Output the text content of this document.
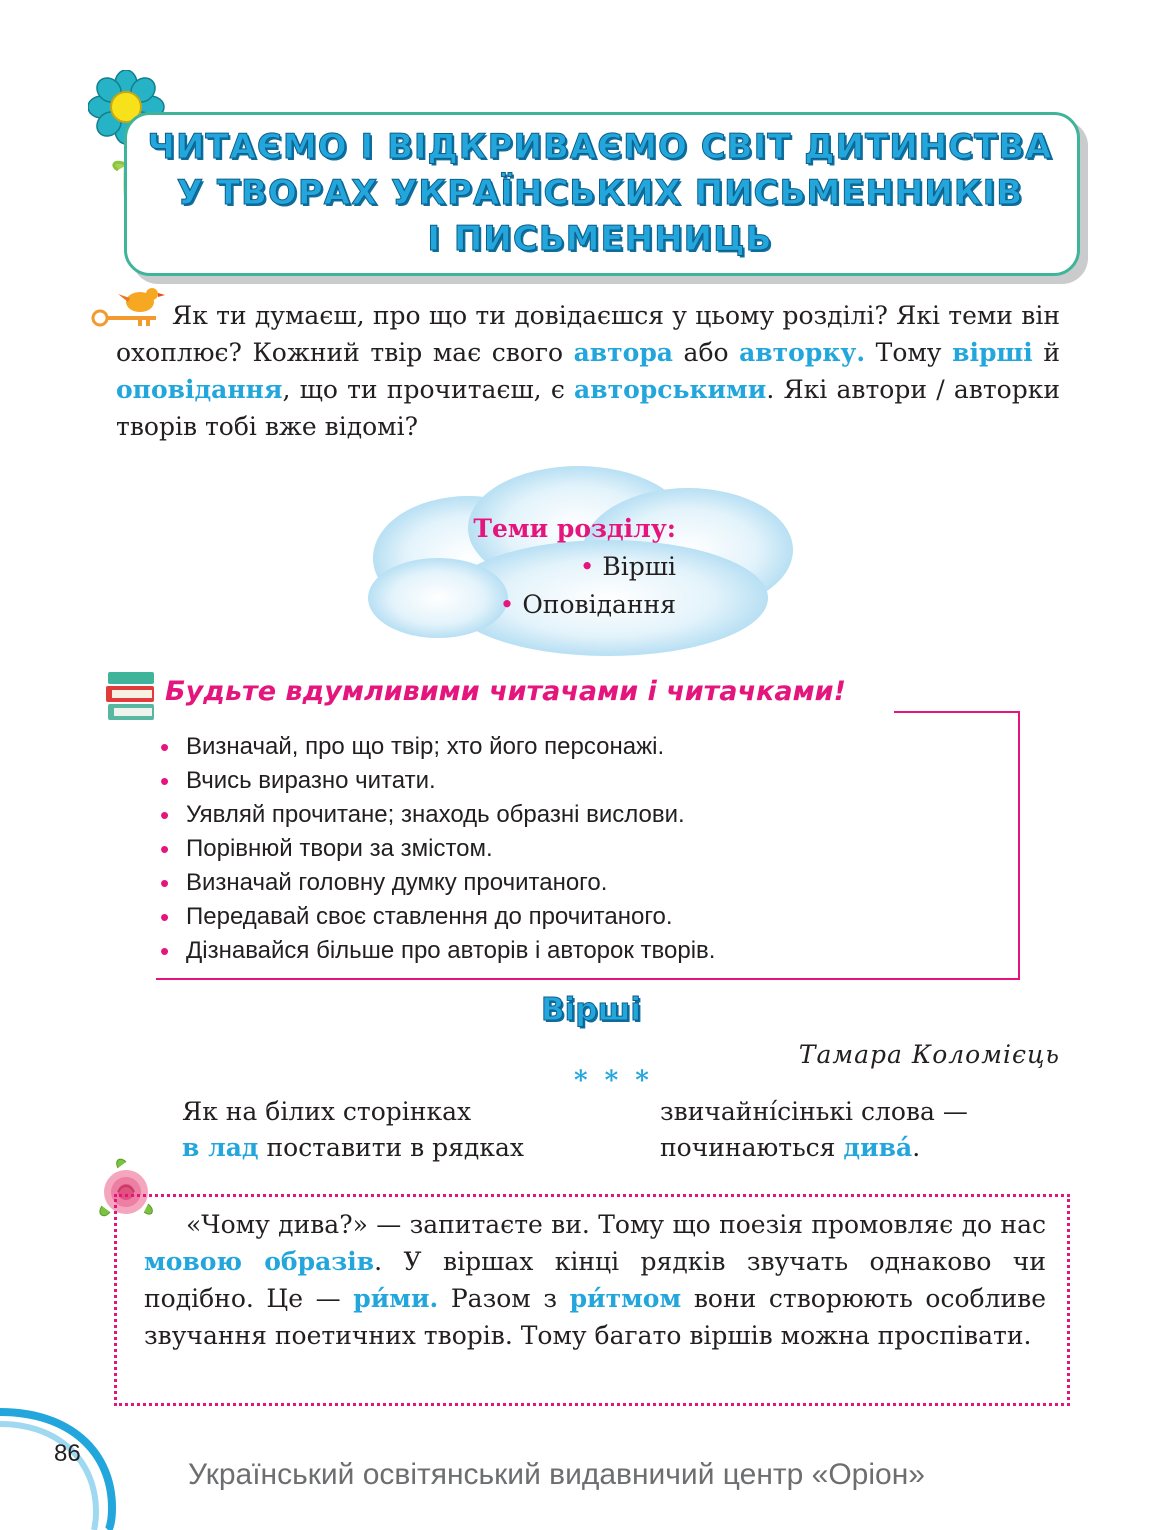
ЧИТАЄМО І ВІДКРИВАЄМО СВІТ ДИТИНСТВА
У ТВОРАХ УКРАЇНСЬКИХ ПИСЬМЕННИКІВ
І ПИСЬМЕННИЦЬ

Як ти думаєш, про що ти довідаєшся у цьому розділі? Які теми він охоплює? Кожний твір має свого автора або авторку. Тому вірші й оповідання, що ти прочитаєш, є авторськими. Які автори / авторки творів тобі вже відомі?

Теми розділу:
• Вірші
• Оповідання
Будьте вдумливими читачами і читачками!
• Визначай, про що твір; хто його персонажі.
• Вчись виразно читати.
• Уявляй прочитане; знаходь образні вислови.
• Порівнюй твори за змістом.
• Визначай головну думку прочитаного.
• Передавай своє ставлення до прочитаного.
• Дізнавайся більше про авторів і авторок творів.
Вірші
Тамара Коломієць
* * *
Як на білих сторінках
в лад поставити в рядках
звичайні́сінькі слова —
починаються дива́.

«Чому дива?» — запитаєте ви. Тому що поезія промовляє до нас мовою образів. У віршах кінці рядків звучать однаково чи подібно. Це — ри́ми. Разом з ри́тмом вони створюють особливе звучання поетичних творів. Тому багато віршів можна проспівати.

86
Український освітянський видавничий центр «Оріон»
